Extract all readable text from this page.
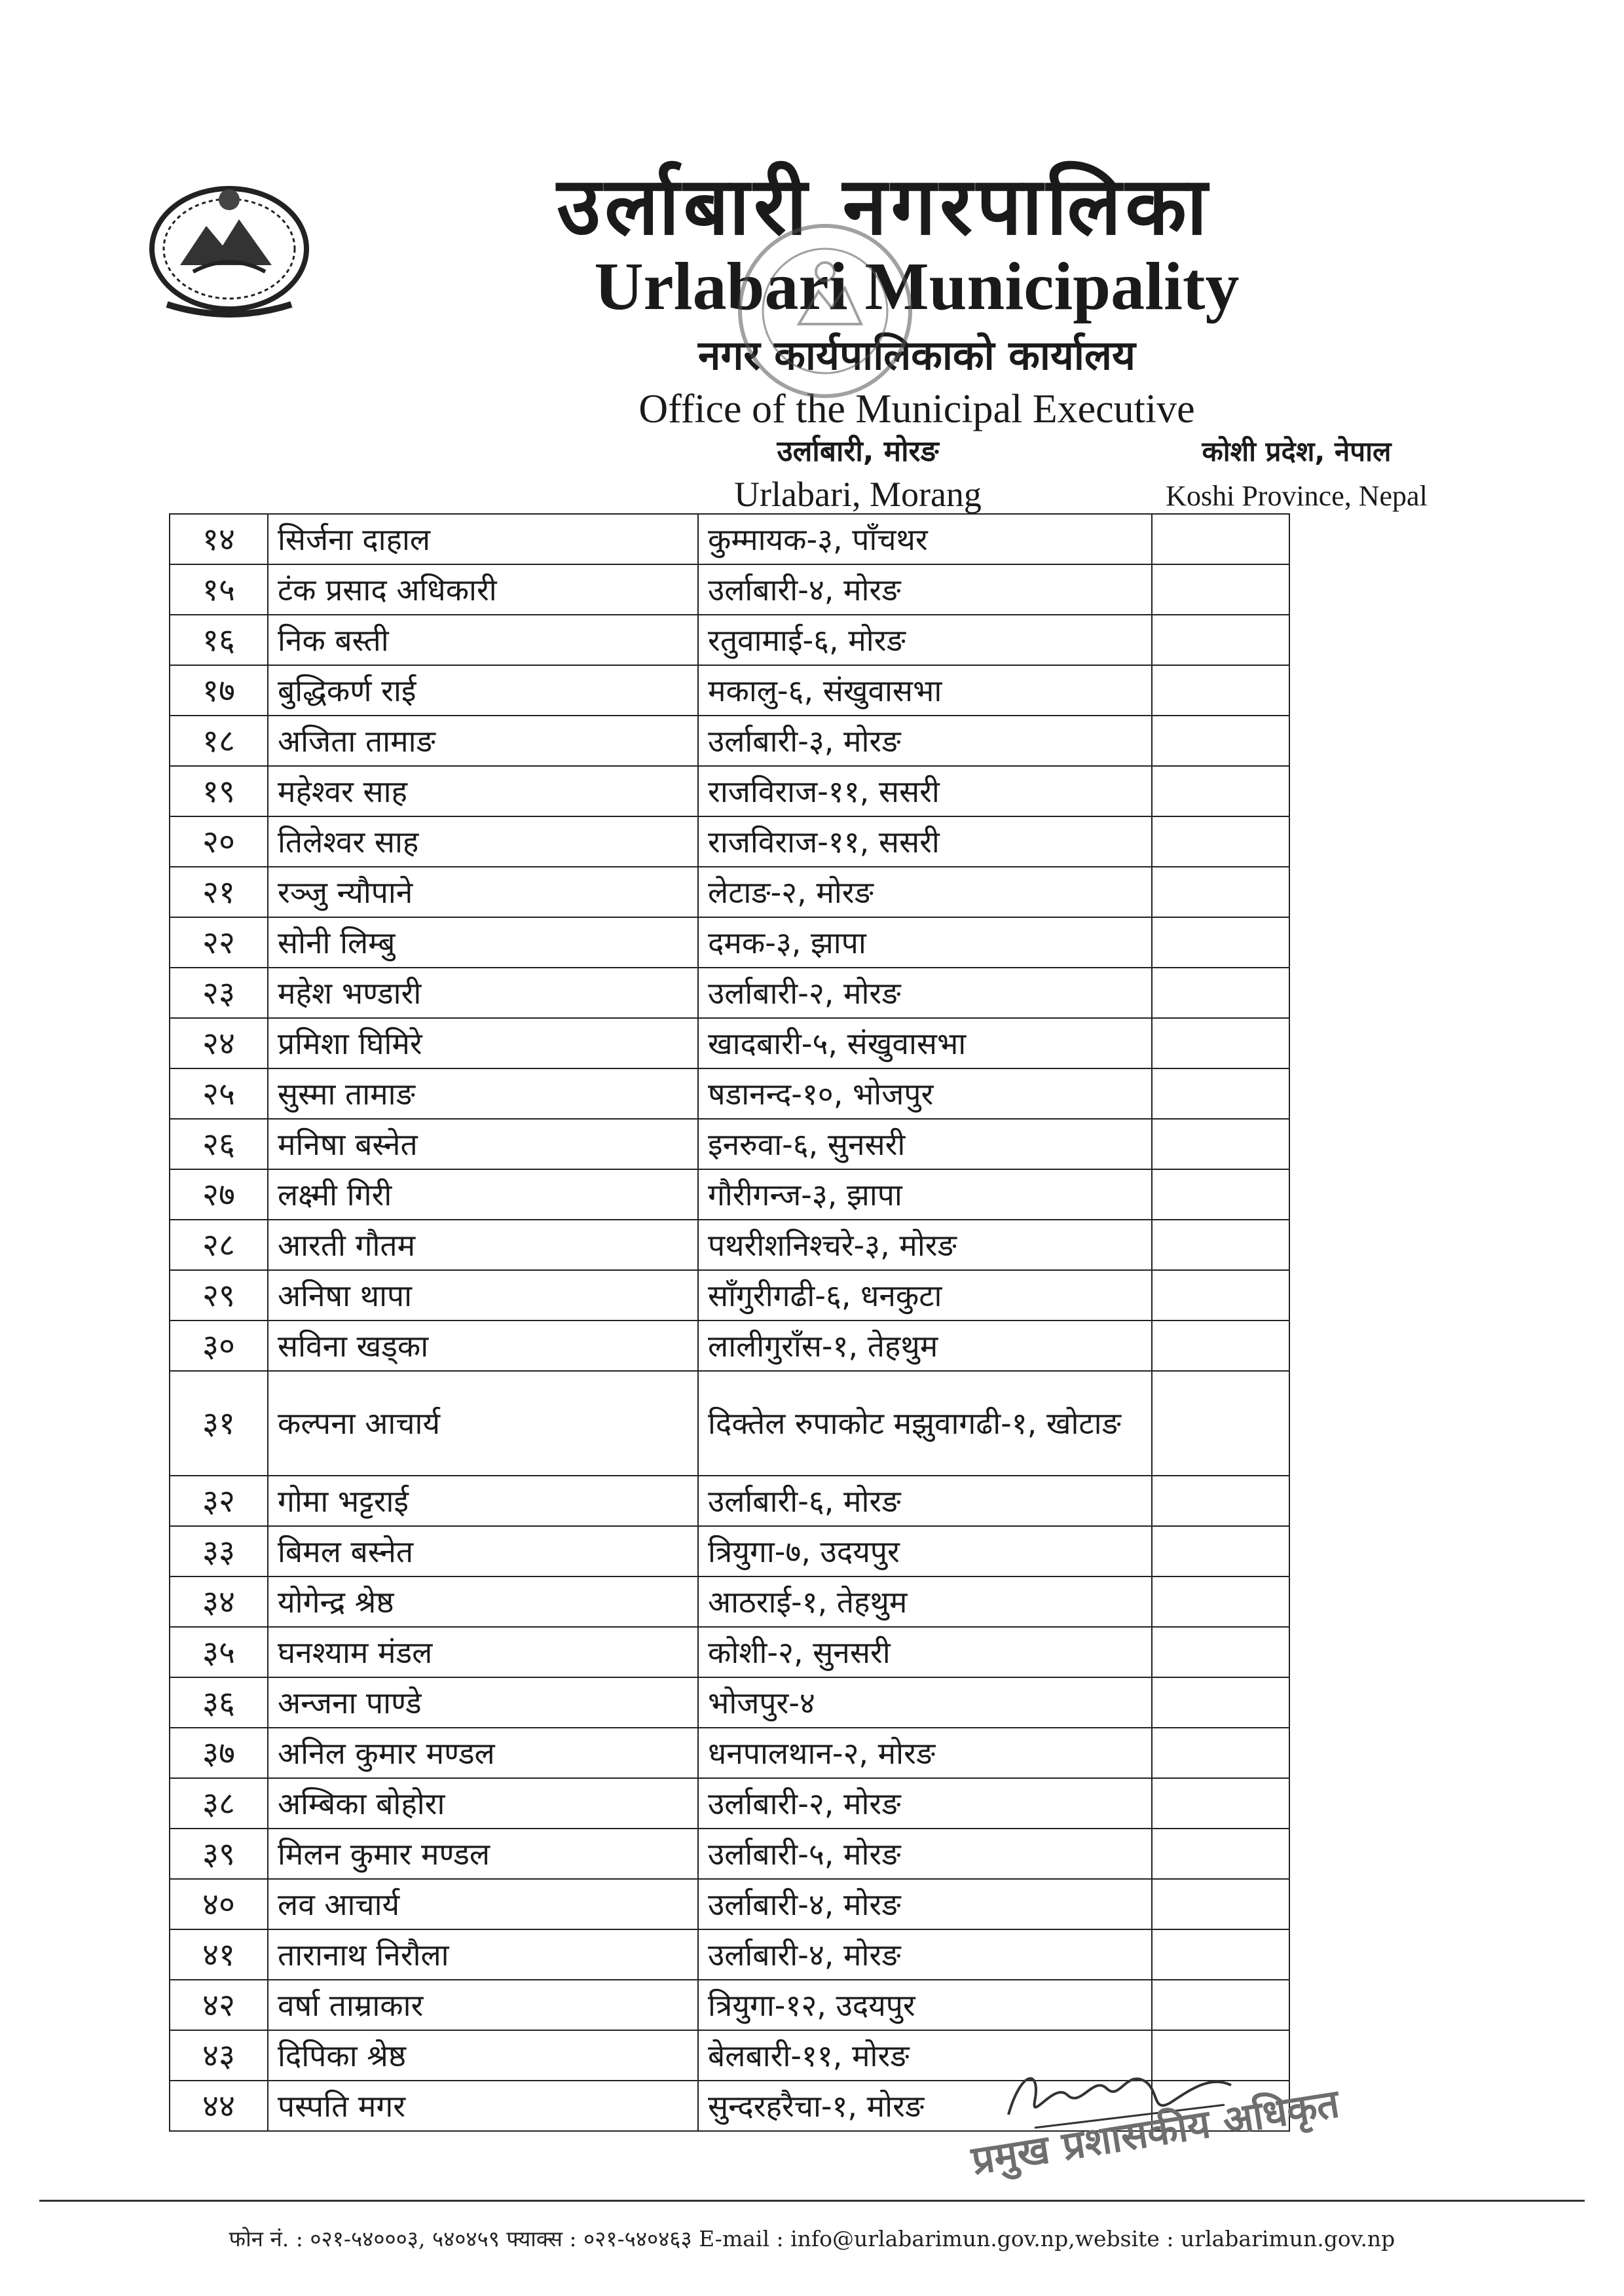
उर्लाबारी नगरपालिका
Urlabari Municipality
नगर कार्यपालिकाको कार्यालय
Office of the Municipal Executive
उर्लाबारी, मोरङ
Urlabari, Morang
कोशी प्रदेश, नेपाल
Koshi Province, Nepal
१४	सिर्जना दाहाल	कुम्मायक-३, पाँचथर	
१५	टंक प्रसाद अधिकारी	उर्लाबारी-४, मोरङ	
१६	निक बस्ती	रतुवामाई-६, मोरङ	
१७	बुद्धिकर्ण राई	मकालु-६, संखुवासभा	
१८	अजिता तामाङ	उर्लाबारी-३, मोरङ	
१९	महेश्वर साह	राजविराज-११, ससरी	
२०	तिलेश्वर साह	राजविराज-११, ससरी	
२१	रञ्जु न्यौपाने	लेटाङ-२, मोरङ	
२२	सोनी लिम्बु	दमक-३, झापा	
२३	महेश भण्डारी	उर्लाबारी-२, मोरङ	
२४	प्रमिशा घिमिरे	खादबारी-५, संखुवासभा	
२५	सुस्मा तामाङ	षडानन्द-१०, भोजपुर	
२६	मनिषा बस्नेत	इनरुवा-६, सुनसरी	
२७	लक्ष्मी गिरी	गौरीगन्ज-३, झापा	
२८	आरती गौतम	पथरीशनिश्चरे-३, मोरङ	
२९	अनिषा थापा	साँगुरीगढी-६, धनकुटा	
३०	सविना खड्का	लालीगुराँस-१, तेहथुम	
३१	कल्पना आचार्य	दिक्तेल रुपाकोट मझुवागढी-१, खोटाङ	
३२	गोमा भट्टराई	उर्लाबारी-६, मोरङ	
३३	बिमल बस्नेत	त्रियुगा-७, उदयपुर	
३४	योगेन्द्र श्रेष्ठ	आठराई-१, तेहथुम	
३५	घनश्याम मंडल	कोशी-२, सुनसरी	
३६	अन्जना पाण्डे	भोजपुर-४	
३७	अनिल कुमार मण्डल	धनपालथान-२, मोरङ	
३८	अम्बिका बोहोरा	उर्लाबारी-२, मोरङ	
३९	मिलन कुमार मण्डल	उर्लाबारी-५, मोरङ	
४०	लव आचार्य	उर्लाबारी-४, मोरङ	
४१	तारानाथ निरौला	उर्लाबारी-४, मोरङ	
४२	वर्षा ताम्राकार	त्रियुगा-१२, उदयपुर	
४३	दिपिका श्रेष्ठ	बेलबारी-११, मोरङ	
४४	पस्पति मगर	सुन्दरहरैचा-१, मोरङ	प्रमुख प्रशासकीय अधिकृत
फोन नं. : ०२१-५४०००३, ५४०४५९ फ्याक्स : ०२१-५४०४६३ E-mail : info@urlabarimun.gov.np,website : urlabarimun.gov.np
